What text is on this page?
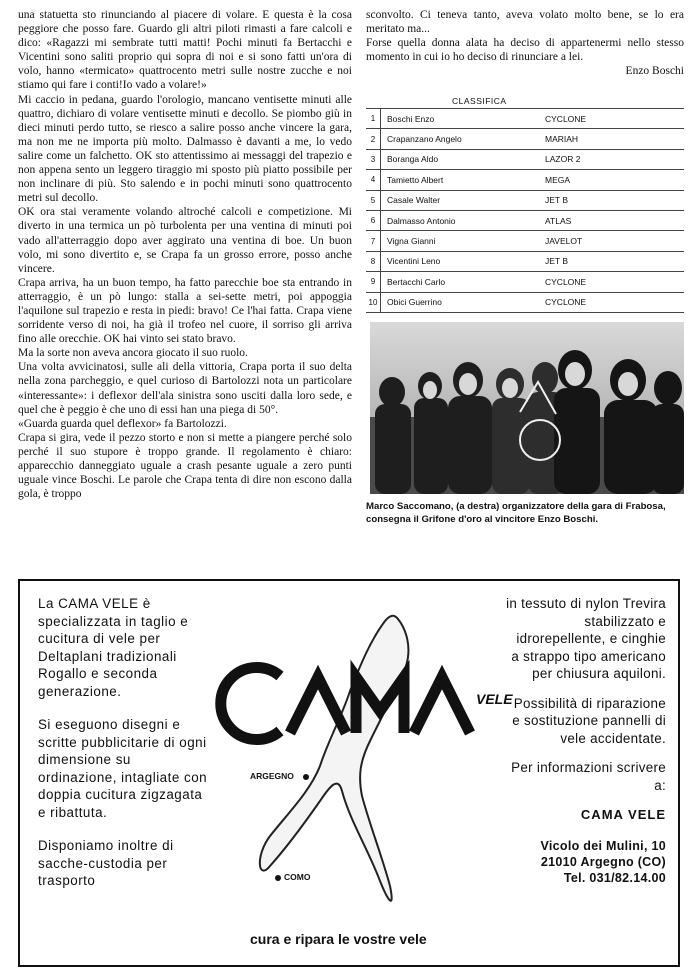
una statuetta sto rinunciando al piacere di volare. E questa è la cosa peggiore che posso fare. Guardo gli altri piloti rimasti a fare calcoli e dico: «Ragazzi mi sembrate tutti matti! Pochi minuti fa Bertacchi e Vicentini sono saliti proprio qui sopra di noi e si sono fatti un'ora di volo, hanno «termicato» quattrocento metri sulle nostre zucche e noi stiamo qui fare i conti!Io vado a volare!»

Mi caccio in pedana, guardo l'orologio, mancano ventisette minuti alle quattro, dichiaro di volare ventisette minuti e decollo. Se piombo giù in dieci minuti perdo tutto, se riesco a salire posso anche vincere la gara, ma non me ne importa più molto. Dalmasso è davanti a me, lo vedo salire come un falchetto. OK sto attentissimo ai messaggi del trapezio e non appena sento un leggero tiraggio mi sposto più piatto possibile per non inclinare di più. Sto salendo e in pochi minuti sono quattrocento metri sul decollo.

OK ora stai veramente volando altroché calcoli e competizione. Mi diverto in una termica un pò turbolenta per una ventina di minuti poi vado all'atterraggio dopo aver aggirato una ventina di boe. Un buon volo, mi sono divertito e, se Crapa fa un grosso errore, posso anche vincere.

Crapa arriva, ha un buon tempo, ha fatto parecchie boe sta entrando in atterraggio, è un pò lungo: stalla a sei-sette metri, poi appoggia l'aquilone sul trapezio e resta in piedi: bravo! Ce l'hai fatta. Crapa viene sorridente verso di noi, ha già il trofeo nel cuore, il sorriso gli arriva fino alle orecchie. OK hai vinto sei stato bravo.

Ma la sorte non aveva ancora giocato il suo ruolo.

Una volta avvicinatosi, sulle ali della vittoria, Crapa porta il suo delta nella zona parcheggio, e quel curioso di Bartolozzi nota un particolare «interessante»: i deflexor dell'ala sinistra sono usciti dalla loro sede, e quel che è peggio è che uno di essi han una piega di 50°.

«Guarda guarda quel deflexor» fa Bartolozzi.

Crapa si gira, vede il pezzo storto e non si mette a piangere perché solo perché il suo stupore è troppo grande. Il regolamento è chiaro: apparecchio danneggiato uguale a crash pesante uguale a zero punti uguale vince Boschi. Le parole che Crapa tenta di dire non escono dalla gola, è troppo

sconvolto. Ci teneva tanto, aveva volato molto bene, se lo era meritato ma...

Forse quella donna alata ha deciso di appartenermi nello stesso momento in cui io ho deciso di rinunciare a lei.

Enzo Boschi

CLASSIFICA
1	Boschi Enzo	CYCLONE
2	Crapanzano Angelo	MARIAH
3	Boranga Aldo	LAZOR 2
4	Tamietto Albert	MEGA
5	Casale Walter	JET B
6	Dalmasso Antonio	ATLAS
7	Vigna Gianni	JAVELOT
8	Vicentini Leno	JET B
9	Bertacchi Carlo	CYCLONE
10	Obici Guerrino	CYCLONE
Marco Saccomano, (a destra) organizzatore della gara di Frabosa, consegna il Grifone d'oro al vincitore Enzo Boschi.

La CAMA VELE è specializzata in taglio e cucitura di vele per Deltaplani tradizionali Rogallo e seconda generazione.

Si eseguono disegni e scritte pubblicitarie di ogni dimensione su ordinazione, intagliate con doppia cucitura zigzagata e ribattuta.

Disponiamo inoltre di sacche-custodia per trasporto

VELE
ARGEGNO
COMO
cura e ripara le vostre vele

in tessuto di nylon Trevira stabilizzato e idrorepellente, e cinghie a strappo tipo americano per chiusura aquiloni.

Possibilità di riparazione e sostituzione pannelli di vele accidentate.

Per informazioni scrivere a:

CAMA VELE
Vicolo dei Mulini, 10
21010 Argegno (CO)
Tel. 031/82.14.00
